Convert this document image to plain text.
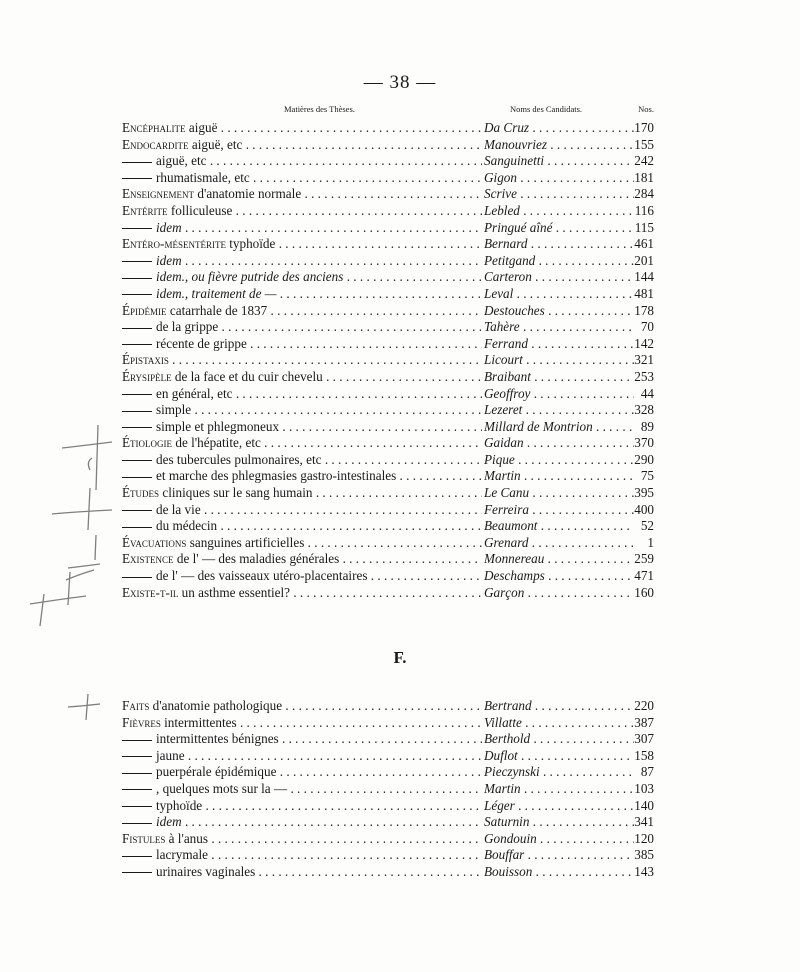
— 38 —
Matières des Thèses.	Noms des Candidats.	Nos.
Encéphalite aiguë . . .	Da Cruz . . .	170
Endocardite aiguë, etc . . .	Manouvriez . . .	155
aiguë, etc . . .	Sanguinetti . . .	242
rhumatismale, etc . . .	Gigon . . .	181
Enseignement d'anatomie normale . . .	Scrive . . .	284
Entérite folliculeuse . . .	Lebled . . .	116
idem . . .	Pringué aîné . . .	115
Entéro-mésentérite typhoïde . . .	Bernard . . .	461
idem . . .	Petitgand . . .	201
idem., ou fièvre putride des anciens . . .	Carteron . . .	144
idem., traitement de — . . .	Leval . . .	481
Épidémie catarrhale de 1837 . . .	Destouches . . .	178
de la grippe . . .	Tahère . . .	70
récente de grippe . . .	Ferrand . . .	142
Épistaxis . . .	Licourt . . .	321
Érysipèle de la face et du cuir chevelu . . .	Braibant . . .	253
en général, etc . . .	Geoffroy . . .	44
simple . . .	Lezeret . . .	328
simple et phlegmoneux . . .	Millard de Montrion . . .	89
Étiologie de l'hépatite, etc . . .	Gaidan . . .	370
des tubercules pulmonaires, etc . . .	Pique . . .	290
et marche des phlegmasies gastro-intestinales . . .	Martin . . .	75
Études cliniques sur le sang humain . . .	Le Canu . . .	395
de la vie . . .	Ferreira . . .	400
du médecin . . .	Beaumont . . .	52
Évacuations sanguines artificielles . . .	Grenard . . .	1
Existence de l' — des maladies générales . . .	Monnereau . . .	259
de l' — des vaisseaux utéro-placentaires . . .	Deschamps . . .	471
Existe-t-il un asthme essentiel? . . .	Garçon . . .	160
F.
Faits d'anatomie pathologique . . .	Bertrand . . .	220
Fièvres intermittentes . . .	Villatte . . .	387
intermittentes bénignes . . .	Berthold . . .	307
jaune . . .	Duflot . . .	158
puerpérale épidémique . . .	Pieczynski . . .	87
, quelques mots sur la — . . .	Martin . . .	103
typhoïde . . .	Léger . . .	140
idem . . .	Saturnin . . .	341
Fistules à l'anus . . .	Gondouin . . .	120
lacrymale . . .	Bouffar . . .	385
urinaires vaginales . . .	Bouisson . . .	143
